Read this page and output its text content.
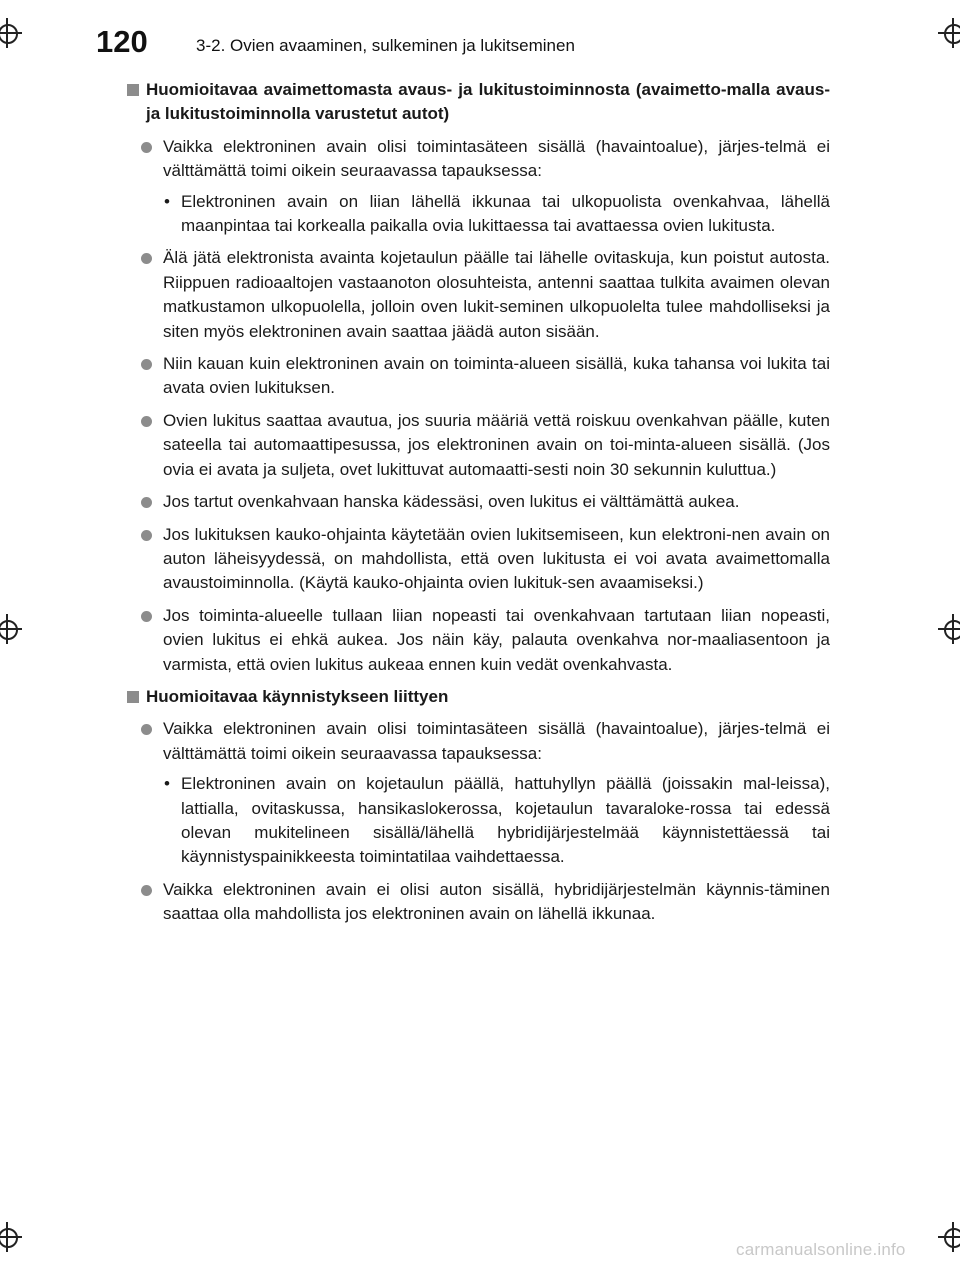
120	3-2. Ovien avaaminen, sulkeminen ja lukitseminen
Huomioitavaa avaimettomasta avaus- ja lukitustoiminnosta (avaimetto-malla avaus- ja lukitustoiminnolla varustetut autot)
Vaikka elektroninen avain olisi toimintasäteen sisällä (havaintoalue), järjes-telmä ei välttämättä toimi oikein seuraavassa tapauksessa:
• Elektroninen avain on liian lähellä ikkunaa tai ulkopuolista ovenkahvaa, lähellä maanpintaa tai korkealla paikalla ovia lukittaessa tai avattaessa ovien lukitusta.
Älä jätä elektronista avainta kojetaulun päälle tai lähelle ovitaskuja, kun poistut autosta. Riippuen radioaaltojen vastaanoton olosuhteista, antenni saattaa tulkita avaimen olevan matkustamon ulkopuolella, jolloin oven lukit-seminen ulkopuolelta tulee mahdolliseksi ja siten myös elektroninen avain saattaa jäädä auton sisään.
Niin kauan kuin elektroninen avain on toiminta-alueen sisällä, kuka tahansa voi lukita tai avata ovien lukituksen.
Ovien lukitus saattaa avautua, jos suuria määriä vettä roiskuu ovenkahvan päälle, kuten sateella tai automaattipesussa, jos elektroninen avain on toi-minta-alueen sisällä. (Jos ovia ei avata ja suljeta, ovet lukittuvat automaatti-sesti noin 30 sekunnin kuluttua.)
Jos tartut ovenkahvaan hanska kädessäsi, oven lukitus ei välttämättä aukea.
Jos lukituksen kauko-ohjainta käytetään ovien lukitsemiseen, kun elektroni-nen avain on auton läheisyydessä, on mahdollista, että oven lukitusta ei voi avata avaimettomalla avaustoiminnolla. (Käytä kauko-ohjainta ovien lukituk-sen avaamiseksi.)
Jos toiminta-alueelle tullaan liian nopeasti tai ovenkahvaan tartutaan liian nopeasti, ovien lukitus ei ehkä aukea. Jos näin käy, palauta ovenkahva nor-maaliasentoon ja varmista, että ovien lukitus aukeaa ennen kuin vedät ovenkahvasta.
Huomioitavaa käynnistykseen liittyen
Vaikka elektroninen avain olisi toimintasäteen sisällä (havaintoalue), järjes-telmä ei välttämättä toimi oikein seuraavassa tapauksessa:
• Elektroninen avain on kojetaulun päällä, hattuhyllyn päällä (joissakin mal-leissa), lattialla, ovitaskussa, hansikaslokerossa, kojetaulun tavaraloke-rossa tai edessä olevan mukitelineen sisällä/lähellä hybridijärjestelmää käynnistettäessä tai käynnistyspainikkeesta toimintatilaa vaihdettaessa.
Vaikka elektroninen avain ei olisi auton sisällä, hybridijärjestelmän käynnis-täminen saattaa olla mahdollista jos elektroninen avain on lähellä ikkunaa.
carmanualsonline.info
